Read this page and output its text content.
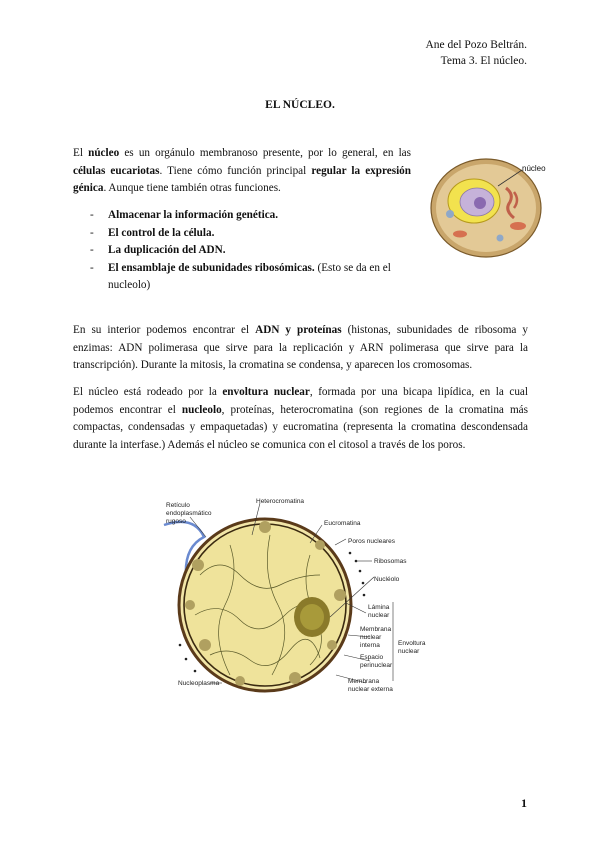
Ane del Pozo Beltrán.
Tema 3. El núcleo.
EL NÚCLEO.
El núcleo es un orgánulo membranoso presente, por lo general, en las células eucariotas. Tiene cómo función principal regular la expresión génica. Aunque tiene también otras funciones.
- Almacenar la información genética.
- El control de la célula.
- La duplicación del ADN.
- El ensamblaje de subunidades ribosómicas. (Esto se da en el nucleolo)
En su interior podemos encontrar el ADN y proteínas (histonas, subunidades de ribosoma y enzimas: ADN polimerasa que sirve para la replicación y ARN polimerasa que sirve para la transcripción). Durante la mitosis, la cromatina se condensa, y aparecen los cromosomas.
El núcleo está rodeado por la envoltura nuclear, formada por una bicapa lipídica, en la cual podemos encontrar el nucleolo, proteínas, heterocromatina (son regiones de la cromatina más compactas, condensadas y empaquetadas) y eucromatina (representa la cromatina descondensada durante la interfase.) Además el núcleo se comunica con el citosol a través de los poros.
núcleo
Retículo
endoplasmático
rugoso
Heterocromatina
Eucromatina
Poros nucleares
Ribosomas
Nucléolo
Lámina
nuclear
Membrana
nuclear
interna
Espacio
perinuclear
Envoltura
nuclear
Membrana
nuclear externa
Nucleoplasma
1
